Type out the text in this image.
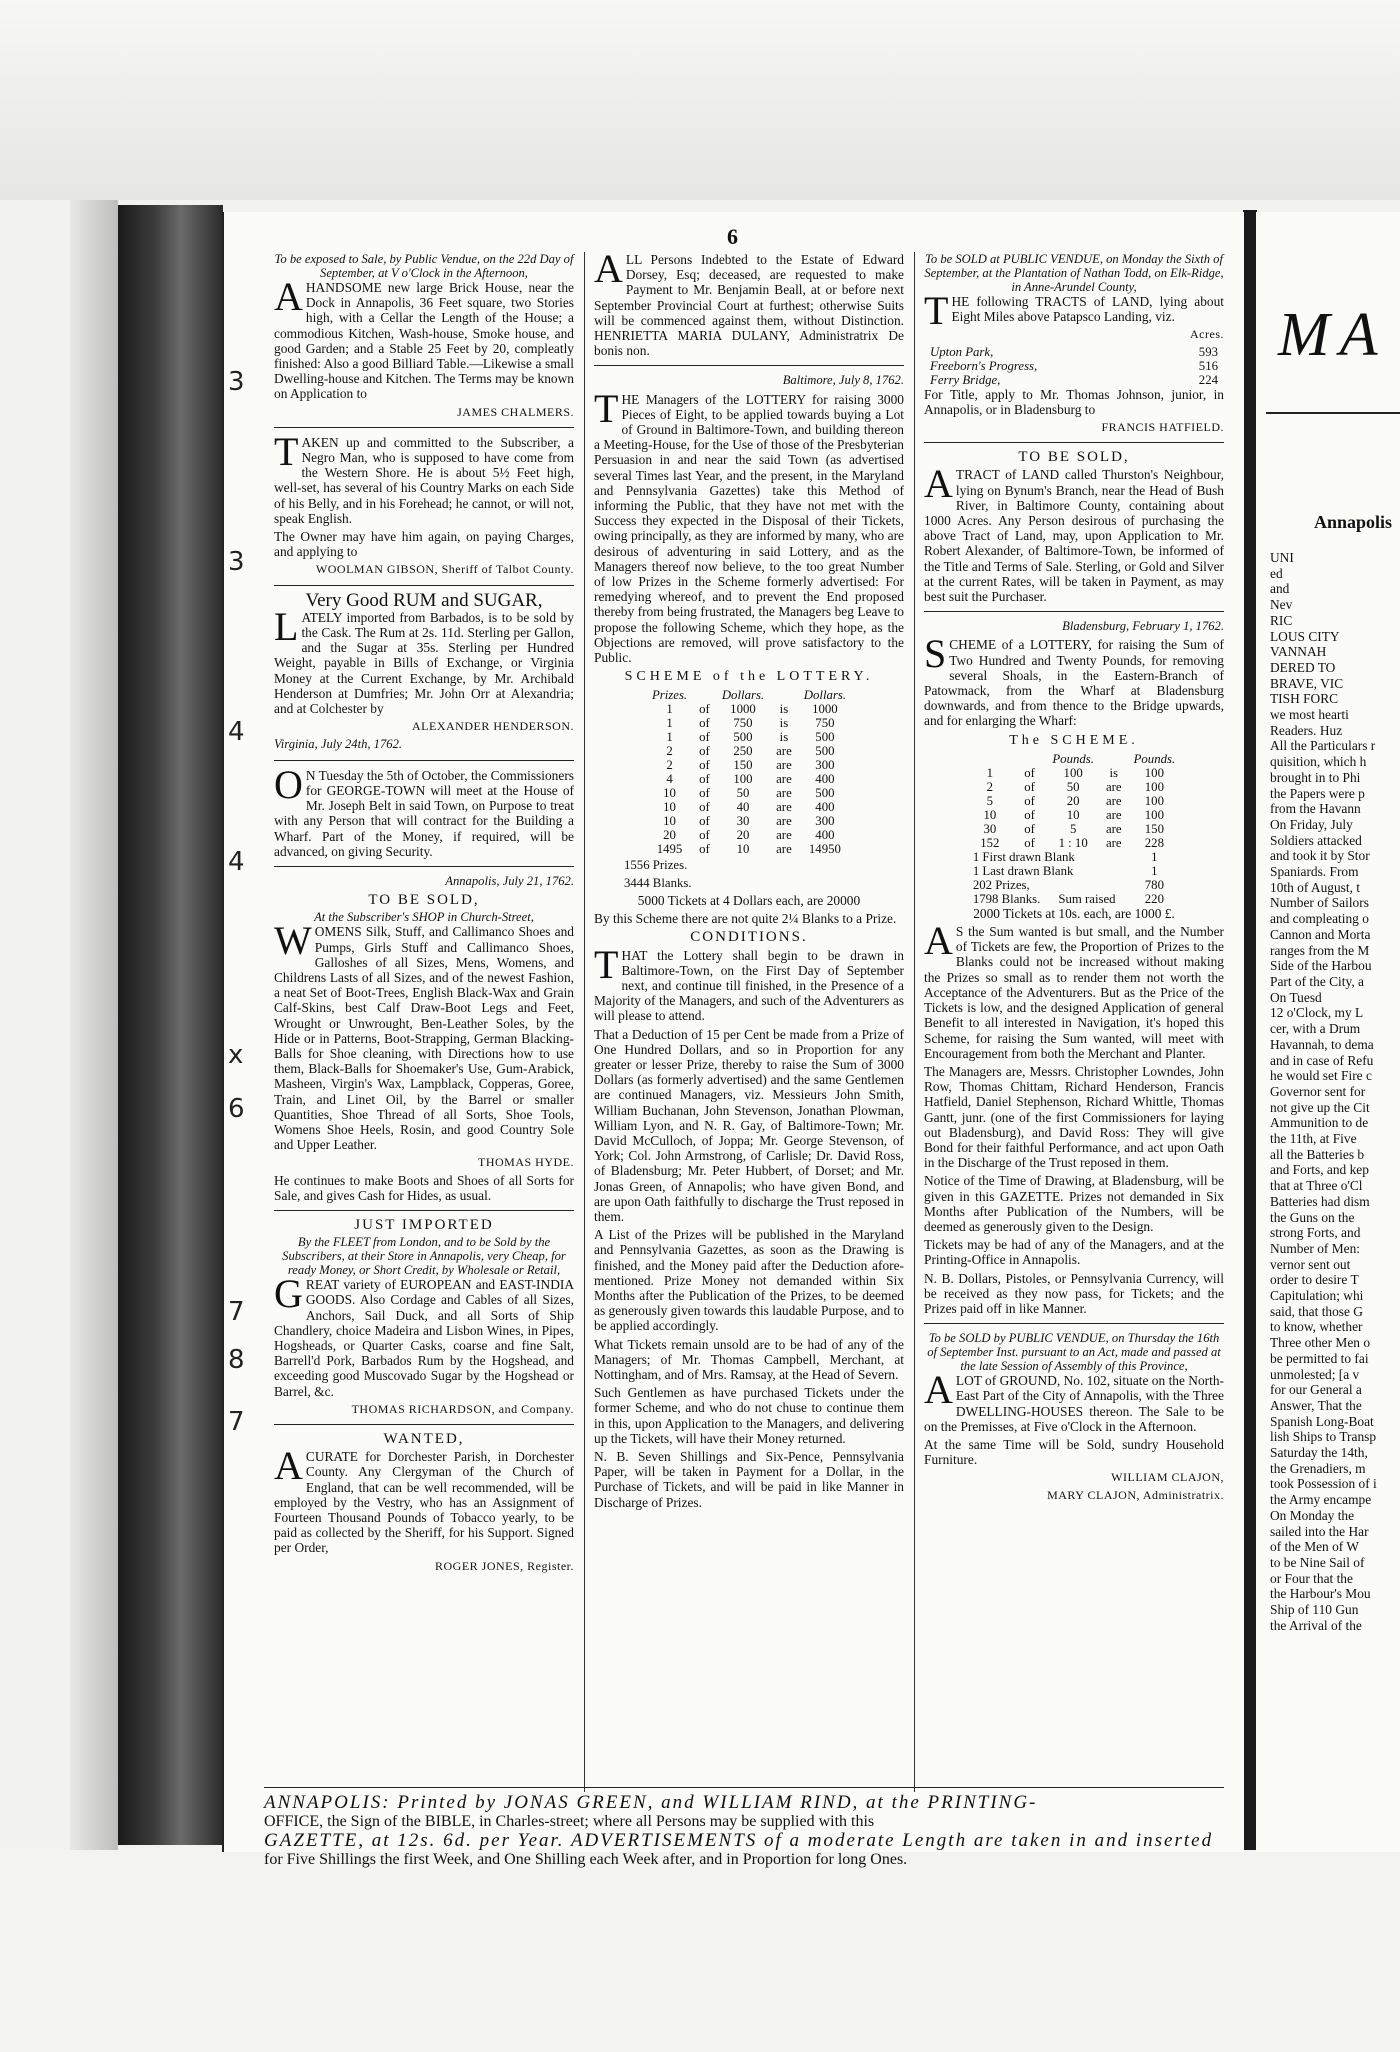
6
3
3
4
4
x
6
7
8
7
To be exposed to Sale, by Public Vendue, on the 22d Day of September, at V o'Clock in the Afternoon,

AHANDSOME new large Brick House, near the Dock in Annapolis, 36 Feet square, two Stories high, with a Cellar the Length of the House; a commodious Kitchen, Wash-house, Smoke house, and good Garden; and a Stable 25 Feet by 20, compleatly finished: Also a good Billiard Table.—Likewise a small Dwelling-house and Kitchen. The Terms may be known on Application to

JAMES CHALMERS.

TAKEN up and committed to the Subscriber, a Negro Man, who is supposed to have come from the Western Shore. He is about 5½ Feet high, well-set, has several of his Country Marks on each Side of his Belly, and in his Forehead; he cannot, or will not, speak English.

The Owner may have him again, on paying Charges, and applying to

WOOLMAN GIBSON, Sheriff of Talbot County.
Very Good RUM and SUGAR,

LATELY imported from Barbados, is to be sold by the Cask. The Rum at 2s. 11d. Sterling per Gallon, and the Sugar at 35s. Sterling per Hundred Weight, payable in Bills of Exchange, or Virginia Money at the Current Exchange, by Mr. Archibald Henderson at Dumfries; Mr. John Orr at Alexandria; and at Colchester by

ALEXANDER HENDERSON.
Virginia, July 24th, 1762.

ON Tuesday the 5th of October, the Commissioners for GEORGE-TOWN will meet at the House of Mr. Joseph Belt in said Town, on Purpose to treat with any Person that will contract for the Building a Wharf. Part of the Money, if required, will be advanced, on giving Security.

Annapolis, July 21, 1762.
TO BE SOLD,
At the Subscriber's SHOP in Church-Street,

WOMENS Silk, Stuff, and Callimanco Shoes and Pumps, Girls Stuff and Callimanco Shoes, Galloshes of all Sizes, Mens, Womens, and Childrens Lasts of all Sizes, and of the newest Fashion, a neat Set of Boot-Trees, English Black-Wax and Grain Calf-Skins, best Calf Draw-Boot Legs and Feet, Wrought or Unwrought, Ben-Leather Soles, by the Hide or in Patterns, Boot-Strapping, German Blacking-Balls for Shoe cleaning, with Directions how to use them, Black-Balls for Shoemaker's Use, Gum-Arabick, Masheen, Virgin's Wax, Lampblack, Copperas, Goree, Train, and Linet Oil, by the Barrel or smaller Quantities, Shoe Thread of all Sorts, Shoe Tools, Womens Shoe Heels, Rosin, and good Country Sole and Upper Leather.

THOMAS HYDE.

He continues to make Boots and Shoes of all Sorts for Sale, and gives Cash for Hides, as usual.

JUST IMPORTED
By the FLEET from London, and to be Sold by the Subscribers, at their Store in Annapolis, very Cheap, for ready Money, or Short Credit, by Wholesale or Retail,

GREAT variety of EUROPEAN and EAST-INDIA GOODS. Also Cordage and Cables of all Sizes, Anchors, Sail Duck, and all Sorts of Ship Chandlery, choice Madeira and Lisbon Wines, in Pipes, Hogsheads, or Quarter Casks, coarse and fine Salt, Barrell'd Pork, Barbados Rum by the Hogshead, and exceeding good Muscovado Sugar by the Hogshead or Barrel, &c.

THOMAS RICHARDSON, and Company.
WANTED,

ACURATE for Dorchester Parish, in Dorchester County. Any Clergyman of the Church of England, that can be well recommended, will be employed by the Vestry, who has an Assignment of Fourteen Thousand Pounds of Tobacco yearly, to be paid as collected by the Sheriff, for his Support. Signed per Order,

ROGER JONES, Register.

ALL Persons Indebted to the Estate of Edward Dorsey, Esq; deceased, are requested to make Payment to Mr. Benjamin Beall, at or before next September Provincial Court at furthest; otherwise Suits will be commenced against them, without Distinction. HENRIETTA MARIA DULANY, Administratrix De bonis non.

Baltimore, July 8, 1762.

THE Managers of the LOTTERY for raising 3000 Pieces of Eight, to be applied towards buying a Lot of Ground in Baltimore-Town, and building thereon a Meeting-House, for the Use of those of the Presbyterian Persuasion in and near the said Town (as advertised several Times last Year, and the present, in the Maryland and Pennsylvania Gazettes) take this Method of informing the Public, that they have not met with the Success they expected in the Disposal of their Tickets, owing principally, as they are informed by many, who are desirous of adventuring in said Lottery, and as the Managers thereof now believe, to the too great Number of low Prizes in the Scheme formerly advertised: For remedying whereof, and to prevent the End proposed thereby from being frustrated, the Managers beg Leave to propose the following Scheme, which they hope, as the Objections are removed, will prove satisfactory to the Public.

SCHEME of the LOTTERY.
Prizes.		Dollars.		Dollars.
1	of	1000	is	1000
1	of	750	is	750
1	of	500	is	500
2	of	250	are	500
2	of	150	are	300
4	of	100	are	400
10	of	50	are	500
10	of	40	are	400
10	of	30	are	300
20	of	20	are	400
1495	of	10	are	14950
1556 Prizes.
3444 Blanks.

5000 Tickets at 4 Dollars each, are 20000

By this Scheme there are not quite 2¼ Blanks to a Prize.

CONDITIONS.

THAT the Lottery shall begin to be drawn in Baltimore-Town, on the First Day of September next, and continue till finished, in the Presence of a Majority of the Managers, and such of the Adventurers as will please to attend.

That a Deduction of 15 per Cent be made from a Prize of One Hundred Dollars, and so in Proportion for any greater or lesser Prize, thereby to raise the Sum of 3000 Dollars (as formerly advertised) and the same Gentlemen are continued Managers, viz. Messieurs John Smith, William Buchanan, John Stevenson, Jonathan Plowman, William Lyon, and N. R. Gay, of Baltimore-Town; Mr. David McCulloch, of Joppa; Mr. George Stevenson, of York; Col. John Armstrong, of Carlisle; Dr. David Ross, of Bladensburg; Mr. Peter Hubbert, of Dorset; and Mr. Jonas Green, of Annapolis; who have given Bond, and are upon Oath faithfully to discharge the Trust reposed in them.

A List of the Prizes will be published in the Maryland and Pennsylvania Gazettes, as soon as the Drawing is finished, and the Money paid after the Deduction afore-mentioned. Prize Money not demanded within Six Months after the Publication of the Prizes, to be deemed as generously given towards this laudable Purpose, and to be applied accordingly.

What Tickets remain unsold are to be had of any of the Managers; of Mr. Thomas Campbell, Merchant, at Nottingham, and of Mrs. Ramsay, at the Head of Severn.

Such Gentlemen as have purchased Tickets under the former Scheme, and who do not chuse to continue them in this, upon Application to the Managers, and delivering up the Tickets, will have their Money returned.

N. B. Seven Shillings and Six-Pence, Pennsylvania Paper, will be taken in Payment for a Dollar, in the Purchase of Tickets, and will be paid in like Manner in Discharge of Prizes.

To be SOLD at PUBLIC VENDUE, on Monday the Sixth of September, at the Plantation of Nathan Todd, on Elk-Ridge, in Anne-Arundel County,

THE following TRACTS of LAND, lying about Eight Miles above Patapsco Landing, viz.

Acres.
Upton Park,	593
Freeborn's Progress,	516
Ferry Bridge,	224

For Title, apply to Mr. Thomas Johnson, junior, in Annapolis, or in Bladensburg to

FRANCIS HATFIELD.
TO BE SOLD,

ATRACT of LAND called Thurston's Neighbour, lying on Bynum's Branch, near the Head of Bush River, in Baltimore County, containing about 1000 Acres. Any Person desirous of purchasing the above Tract of Land, may, upon Application to Mr. Robert Alexander, of Baltimore-Town, be informed of the Title and Terms of Sale. Sterling, or Gold and Silver at the current Rates, will be taken in Payment, as may best suit the Purchaser.

Bladensburg, February 1, 1762.

SCHEME of a LOTTERY, for raising the Sum of Two Hundred and Twenty Pounds, for removing several Shoals, in the Eastern-Branch of Patowmack, from the Wharf at Bladensburg downwards, and from thence to the Bridge upwards, and for enlarging the Wharf:

The SCHEME.
		Pounds.		Pounds.
1	of	100	is	100
2	of	50	are	100
5	of	20	are	100
10	of	10	are	100
30	of	5	are	150
152	of	1 : 10	are	228
1 First drawn Blank				1
1 Last drawn Blank				1
202 Prizes,				780
1798 Blanks.		Sum raised		220

2000 Tickets at 10s. each, are 1000 £.

AS the Sum wanted is but small, and the Number of Tickets are few, the Proportion of Prizes to the Blanks could not be increased without making the Prizes so small as to render them not worth the Acceptance of the Adventurers. But as the Price of the Tickets is low, and the designed Application of general Benefit to all interested in Navigation, it's hoped this Scheme, for raising the Sum wanted, will meet with Encouragement from both the Merchant and Planter.

The Managers are, Messrs. Christopher Lowndes, John Row, Thomas Chittam, Richard Henderson, Francis Hatfield, Daniel Stephenson, Richard Whittle, Thomas Gantt, junr. (one of the first Commissioners for laying out Bladensburg), and David Ross: They will give Bond for their faithful Performance, and act upon Oath in the Discharge of the Trust reposed in them.

Notice of the Time of Drawing, at Bladensburg, will be given in this GAZETTE. Prizes not demanded in Six Months after Publication of the Numbers, will be deemed as generously given to the Design.

Tickets may be had of any of the Managers, and at the Printing-Office in Annapolis.

N. B. Dollars, Pistoles, or Pennsylvania Currency, will be received as they now pass, for Tickets; and the Prizes paid off in like Manner.

To be SOLD by PUBLIC VENDUE, on Thursday the 16th of September Inst. pursuant to an Act, made and passed at the late Session of Assembly of this Province,

ALOT of GROUND, No. 102, situate on the North-East Part of the City of Annapolis, with the Three DWELLING-HOUSES thereon. The Sale to be on the Premisses, at Five o'Clock in the Afternoon.

At the same Time will be Sold, sundry Household Furniture.

WILLIAM CLAJON,
MARY CLAJON, Administratrix.
ANNAPOLIS: Printed by JONAS GREEN, and WILLIAM RIND, at the PRINTING-
OFFICE, the Sign of the BIBLE, in Charles-street; where all Persons may be supplied with this
GAZETTE, at 12s. 6d. per Year. ADVERTISEMENTS of a moderate Length are taken in and inserted
for Five Shillings the first Week, and One Shilling each Week after, and in Proportion for long Ones.
MA
Annapolis
UNI
ed
and
Nev
RIC
LOUS CITY
VANNAH
DERED TO
BRAVE, VIC
TISH FORC
we most hearti
Readers. Huz
All the Particulars r
quisition, which h
brought in to Phi
the Papers were p
from the Havann
On Friday, July
Soldiers attacked
and took it by Stor
Spaniards. From
10th of August, t
Number of Sailors
and compleating o
Cannon and Morta
ranges from the M
Side of the Harbou
Part of the City, a
On Tuesd
12 o'Clock, my L
cer, with a Drum
Havannah, to dema
and in case of Refu
he would set Fire c
Governor sent for
not give up the Cit
Ammunition to de
the 11th, at Five
all the Batteries b
and Forts, and kep
that at Three o'Cl
Batteries had dism
the Guns on the
strong Forts, and
Number of Men:
vernor sent out
order to desire T
Capitulation; whi
said, that those G
to know, whether
Three other Men o
be permitted to fai
unmolested; [a v
for our General a
Answer, That the
Spanish Long-Boat
lish Ships to Transp
Saturday the 14th,
the Grenadiers, m
took Possession of i
the Army encampe
On Monday the
sailed into the Har
of the Men of W
to be Nine Sail of
or Four that the
the Harbour's Mou
Ship of 110 Gun
the Arrival of the
